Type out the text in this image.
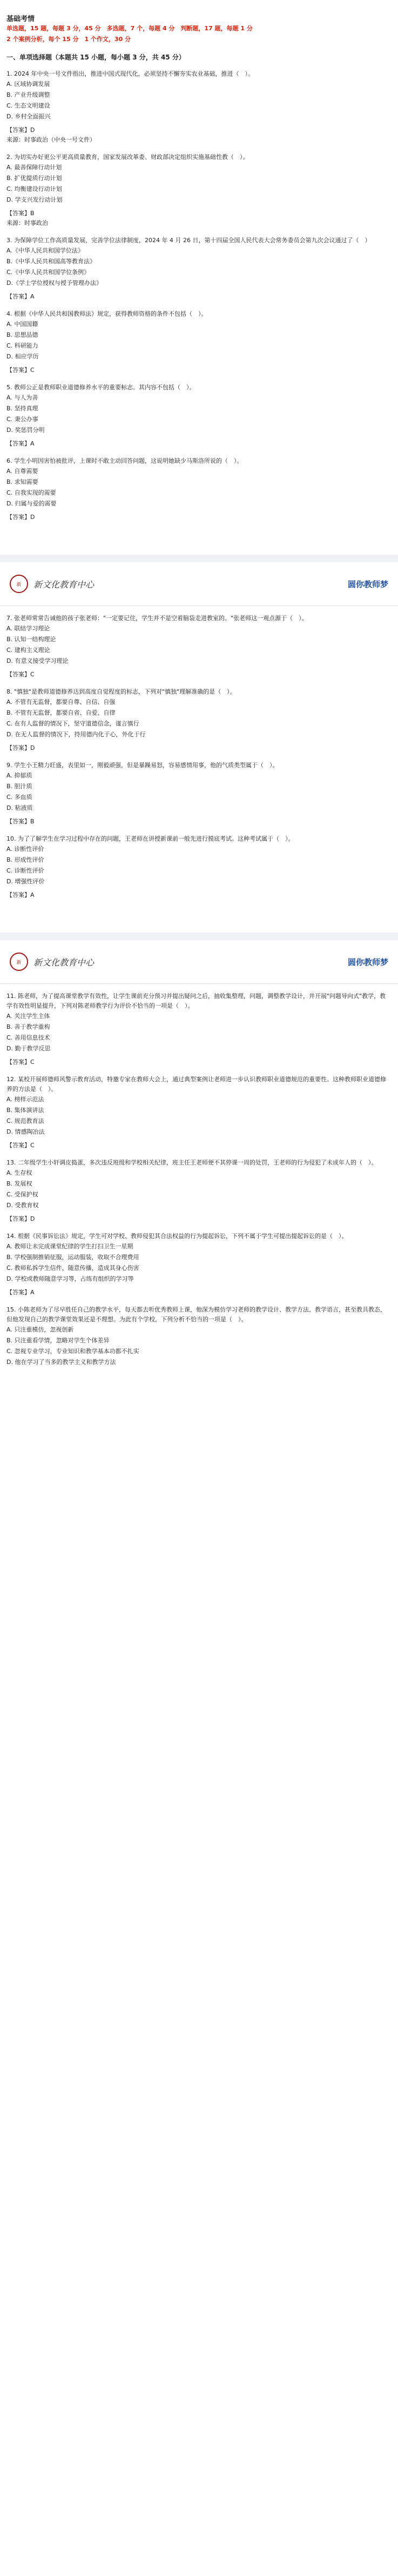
基础考情
单选题，15 题，每题 3 分，45 分　多选题，7 个，每题 4 分　判断题，17 题，每题 1 分
2 个案例分析，每个 15 分　1 个作文，30 分
一、单项选择题（本题共 15 小题，每小题 3 分，共 45 分）
1. 2024 年中央一号文件指出，推进中国式现代化，必须坚持不懈夯实农业基础，推进（　）。
A. 区域协调发展
B. 产业升级调整
C. 生态文明建设
D. 乡村全面振兴
【答案】D
来源：时事政治（中央一号文件）
2. 为切实办好更公平更高质量教育，国家发展改革委、财政部决定组织实施基础性教（　）。
A. 最善保障行动计划
B. 扩优提质行动计划
C. 均衡建设行动计划
D. 学支兴发行动计划
【答案】B
来源：时事政治
3. 为保障学位工作高质量发展，完善学位法律制度，2024 年 4 月 26 日，第十四届全国人民代表大会常务委员会第九次会议通过了（　）
A.《中华人民共和国学位法》
B.《中华人民共和国高等教育法》
C.《中华人民共和国学位条例》
D.《学士学位授权与授予管理办法》
【答案】A
4. 根据《中华人民共和国教师法》规定，获得教师资格的条件不包括（　）。
A. 中国国籍
B. 思想品德
C. 科研能力
D. 相应学历
【答案】C
5. 教师公正是教师职业道德修养水平的重要标志。其内容不包括（　）。
A. 与人为善
B. 坚持真理
C. 秉公办事
D. 奖惩罚分明
【答案】A
6. 学生小明因害怕被批评，上课时不敢主动回答问题，这说明她缺少马斯洛所说的（　）。
A. 自尊需要
B. 求知需要
C. 自我实现的需要
D. 归属与爱的需要
【答案】D
新	新文化教育中心	圆你教师梦
7. 张老师常常告诫他的孩子张老师："一定要记住，学生并不是空着脑袋走进教室的。"张老师这一观点源于（　）。
A. 联结学习理论
B. 认知一结构理论
C. 建构主义理论
D. 有意义接受学习理论
【答案】C
8. "慎独"是教师道德修养达到高度自觉程度的标志，下列对"慎独"理解准确的是（　）。
A. 不管有无监督，都要自尊、自信、自强
B. 不管有无监督，都要自省、自爱、自律
C. 在有人监督的情况下，坚守道德信念，谨言慎行
D. 在无人监督的情况下，持用德内化于心，外化于行
【答案】D
9. 学生小王精力旺盛，表里如一，刚毅顽强，但是暴躁易怒，容易感情用事，他的气质类型属于（　）。
A. 抑郁质
B. 胆汁质
C. 多血质
D. 粘液质
【答案】B
10. 为了了解学生在学习过程中存在的问题，王老师在讲授新课前一般先进行摸底考试。这种考试属于（　）。
A. 诊断性评价
B. 形成性评价
C. 诊断性评价
D. 增强性评价
【答案】A
新	新文化教育中心	圆你教师梦
11. 陈老师，为了提高课堂教学有效性，让学生课前充分预习并提出疑问之后，抽收集整理，问题，调整教学设计，并开展"问题导向式"教学，教学有效性明显提升，下列对陈老师教学行为评价不恰当的一项是（　）。
A. 关注学生主体
B. 善于教学重构
C. 善用信息技术
D. 勤于教学反思
【答案】C
12. 某校开展师德师风警示教育活动，特邀专家在教师大会上，通过典型案例让老师进一步认识教师职业道德规范的重要性。这种教师职业道德修养的方法是（　）。
A. 榜样示范法
B. 集体演讲法
C. 规范教育法
D. 情感陶冶法
【答案】C
13. 二年级学生小轩调皮捣蛋，多次违反班级和学校相关纪律，班主任王老师便不其停课一周的处罚，王老师的行为侵犯了未成年人的（　）。
A. 生存权
B. 发展权
C. 受保护权
D. 受教育权
【答案】D
14. 根据《民事诉讼法》规定，学生可对学校、教师侵犯其合法权益的行为提起诉讼，下列不属于学生可提出提起诉讼的是（　）。
A. 教师让未完成课堂纪律的学生打扫卫生一星期
B. 学校强制推销征服，运动服装，收取不合理费用
C. 教师私拆学生信件，随意传播，造成其身心伤害
D. 学校或教师随意学习等，占练有组织的学习等
【答案】A
15. 小陈老师为了尽早胜任自己的教学水平，每天都去听优秀教师上课，他深为模仿学习老师的教学设计、教学方法、教学语言，甚至教具教态，但他发现自己的教学课堂效果还是不理想。为此有个学校，下列分析不恰当的一项是（　）。
A. 只注重模仿，忽视创新
B. 只注重看学情，忽略对学生个体差异
C. 忽视专业学习，专业知识和教学基本功都不扎实
D. 他在学习了当多的教学主义和教学方法
